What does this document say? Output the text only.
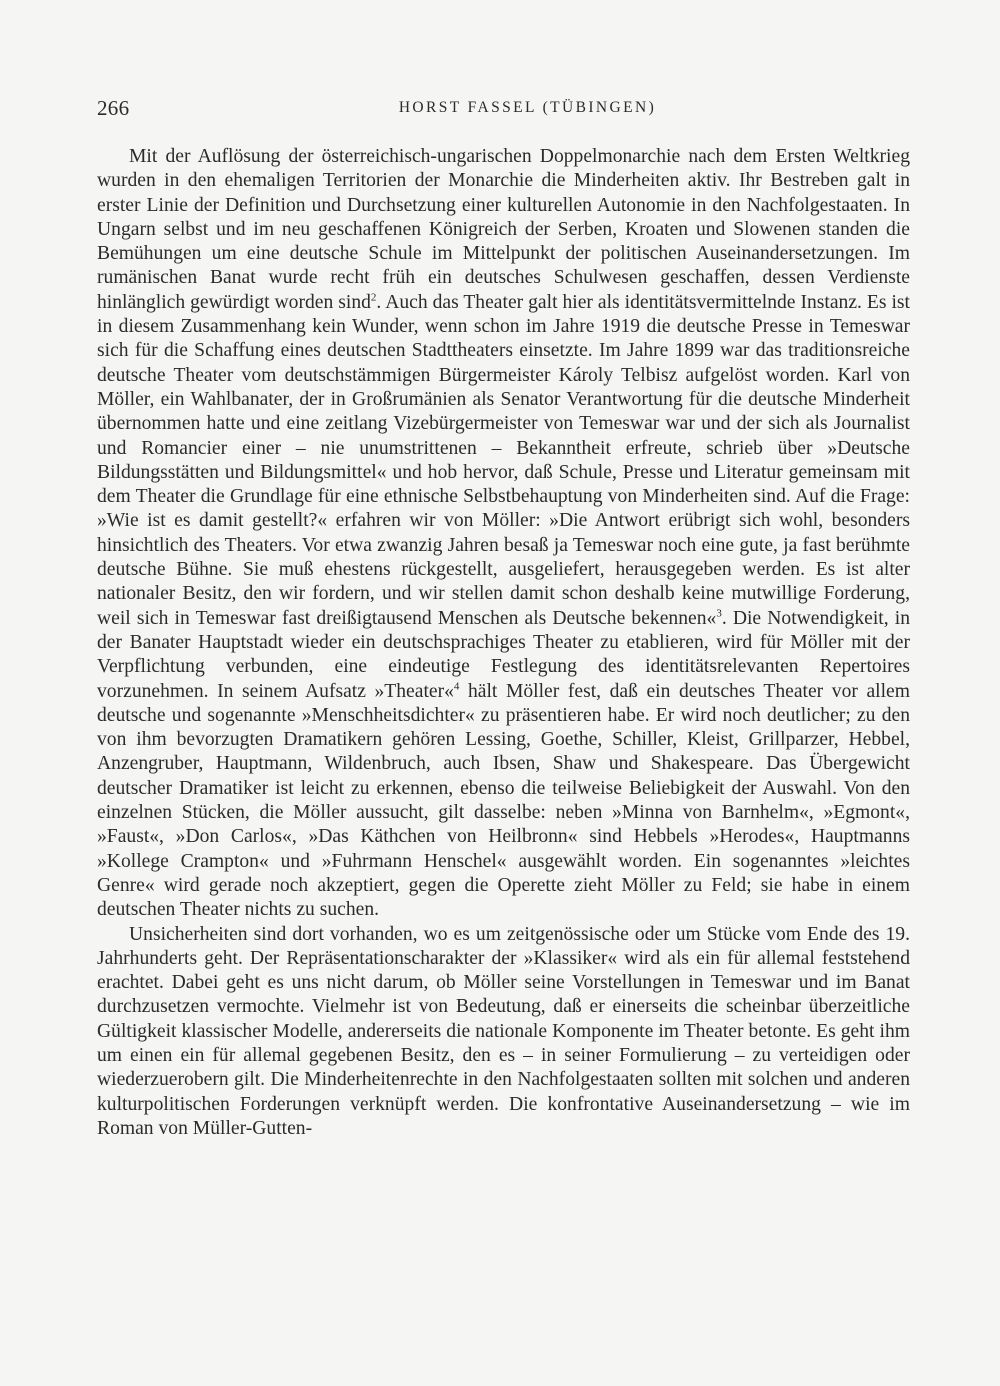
266	HORST FASSEL (TÜBINGEN)

Mit der Auflösung der österreichisch-ungarischen Doppelmonarchie nach dem Ersten Weltkrieg wurden in den ehemaligen Territorien der Monarchie die Minderheiten aktiv. Ihr Bestreben galt in erster Linie der Definition und Durchsetzung einer kulturellen Autonomie in den Nachfolgestaaten. In Ungarn selbst und im neu geschaffenen Königreich der Serben, Kroaten und Slowenen standen die Bemühungen um eine deutsche Schule im Mittelpunkt der politischen Auseinandersetzungen. Im rumänischen Banat wurde recht früh ein deutsches Schulwesen geschaffen, dessen Verdienste hinlänglich gewürdigt worden sind$^2$. Auch das Theater galt hier als identitätsvermittelnde Instanz. Es ist in diesem Zusammenhang kein Wunder, wenn schon im Jahre 1919 die deutsche Presse in Temeswar sich für die Schaffung eines deutschen Stadttheaters einsetzte. Im Jahre 1899 war das traditionsreiche deutsche Theater vom deutschstämmigen Bürgermeister Károly Telbisz aufgelöst worden. Karl von Möller, ein Wahlbanater, der in Großrumänien als Senator Verantwortung für die deutsche Minderheit übernommen hatte und eine zeitlang Vizebürgermeister von Temeswar war und der sich als Journalist und Romancier einer – nie unumstrittenen – Bekanntheit erfreute, schrieb über »Deutsche Bildungsstätten und Bildungsmittel« und hob hervor, daß Schule, Presse und Literatur gemeinsam mit dem Theater die Grundlage für eine ethnische Selbstbehauptung von Minderheiten sind. Auf die Frage: »Wie ist es damit gestellt?« erfahren wir von Möller: »Die Antwort erübrigt sich wohl, besonders hinsichtlich des Theaters. Vor etwa zwanzig Jahren besaß ja Temeswar noch eine gute, ja fast berühmte deutsche Bühne. Sie muß ehestens rückgestellt, ausgeliefert, herausgegeben werden. Es ist alter nationaler Besitz, den wir fordern, und wir stellen damit schon deshalb keine mutwillige Forderung, weil sich in Temeswar fast dreißigtausend Menschen als Deutsche bekennen«$^3$. Die Notwendigkeit, in der Banater Hauptstadt wieder ein deutschsprachiges Theater zu etablieren, wird für Möller mit der Verpflichtung verbunden, eine eindeutige Festlegung des identitätsrelevanten Repertoires vorzunehmen. In seinem Aufsatz »Theater«$^4$ hält Möller fest, daß ein deutsches Theater vor allem deutsche und sogenannte »Menschheitsdichter« zu präsentieren habe. Er wird noch deutlicher; zu den von ihm bevorzugten Dramatikern gehören Lessing, Goethe, Schiller, Kleist, Grillparzer, Hebbel, Anzengruber, Hauptmann, Wildenbruch, auch Ibsen, Shaw und Shakespeare. Das Übergewicht deutscher Dramatiker ist leicht zu erkennen, ebenso die teilweise Beliebigkeit der Auswahl. Von den einzelnen Stücken, die Möller aussucht, gilt dasselbe: neben »Minna von Barnhelm«, »Egmont«, »Faust«, »Don Carlos«, »Das Käthchen von Heilbronn« sind Hebbels »Herodes«, Hauptmanns »Kollege Crampton« und »Fuhrmann Henschel« ausgewählt worden. Ein sogenanntes »leichtes Genre« wird gerade noch akzeptiert, gegen die Operette zieht Möller zu Feld; sie habe in einem deutschen Theater nichts zu suchen.

Unsicherheiten sind dort vorhanden, wo es um zeitgenössische oder um Stücke vom Ende des 19. Jahrhunderts geht. Der Repräsentationscharakter der »Klassiker« wird als ein für allemal feststehend erachtet. Dabei geht es uns nicht darum, ob Möller seine Vorstellungen in Temeswar und im Banat durchzusetzen vermochte. Vielmehr ist von Bedeutung, daß er einerseits die scheinbar überzeitliche Gültigkeit klassischer Modelle, andererseits die nationale Komponente im Theater betonte. Es geht ihm um einen ein für allemal gegebenen Besitz, den es – in seiner Formulierung – zu verteidigen oder wiederzuerobern gilt. Die Minderheitenrechte in den Nachfolgestaaten sollten mit solchen und anderen kulturpolitischen Forderungen verknüpft werden. Die konfrontative Auseinandersetzung – wie im Roman von Müller-Gutten-
